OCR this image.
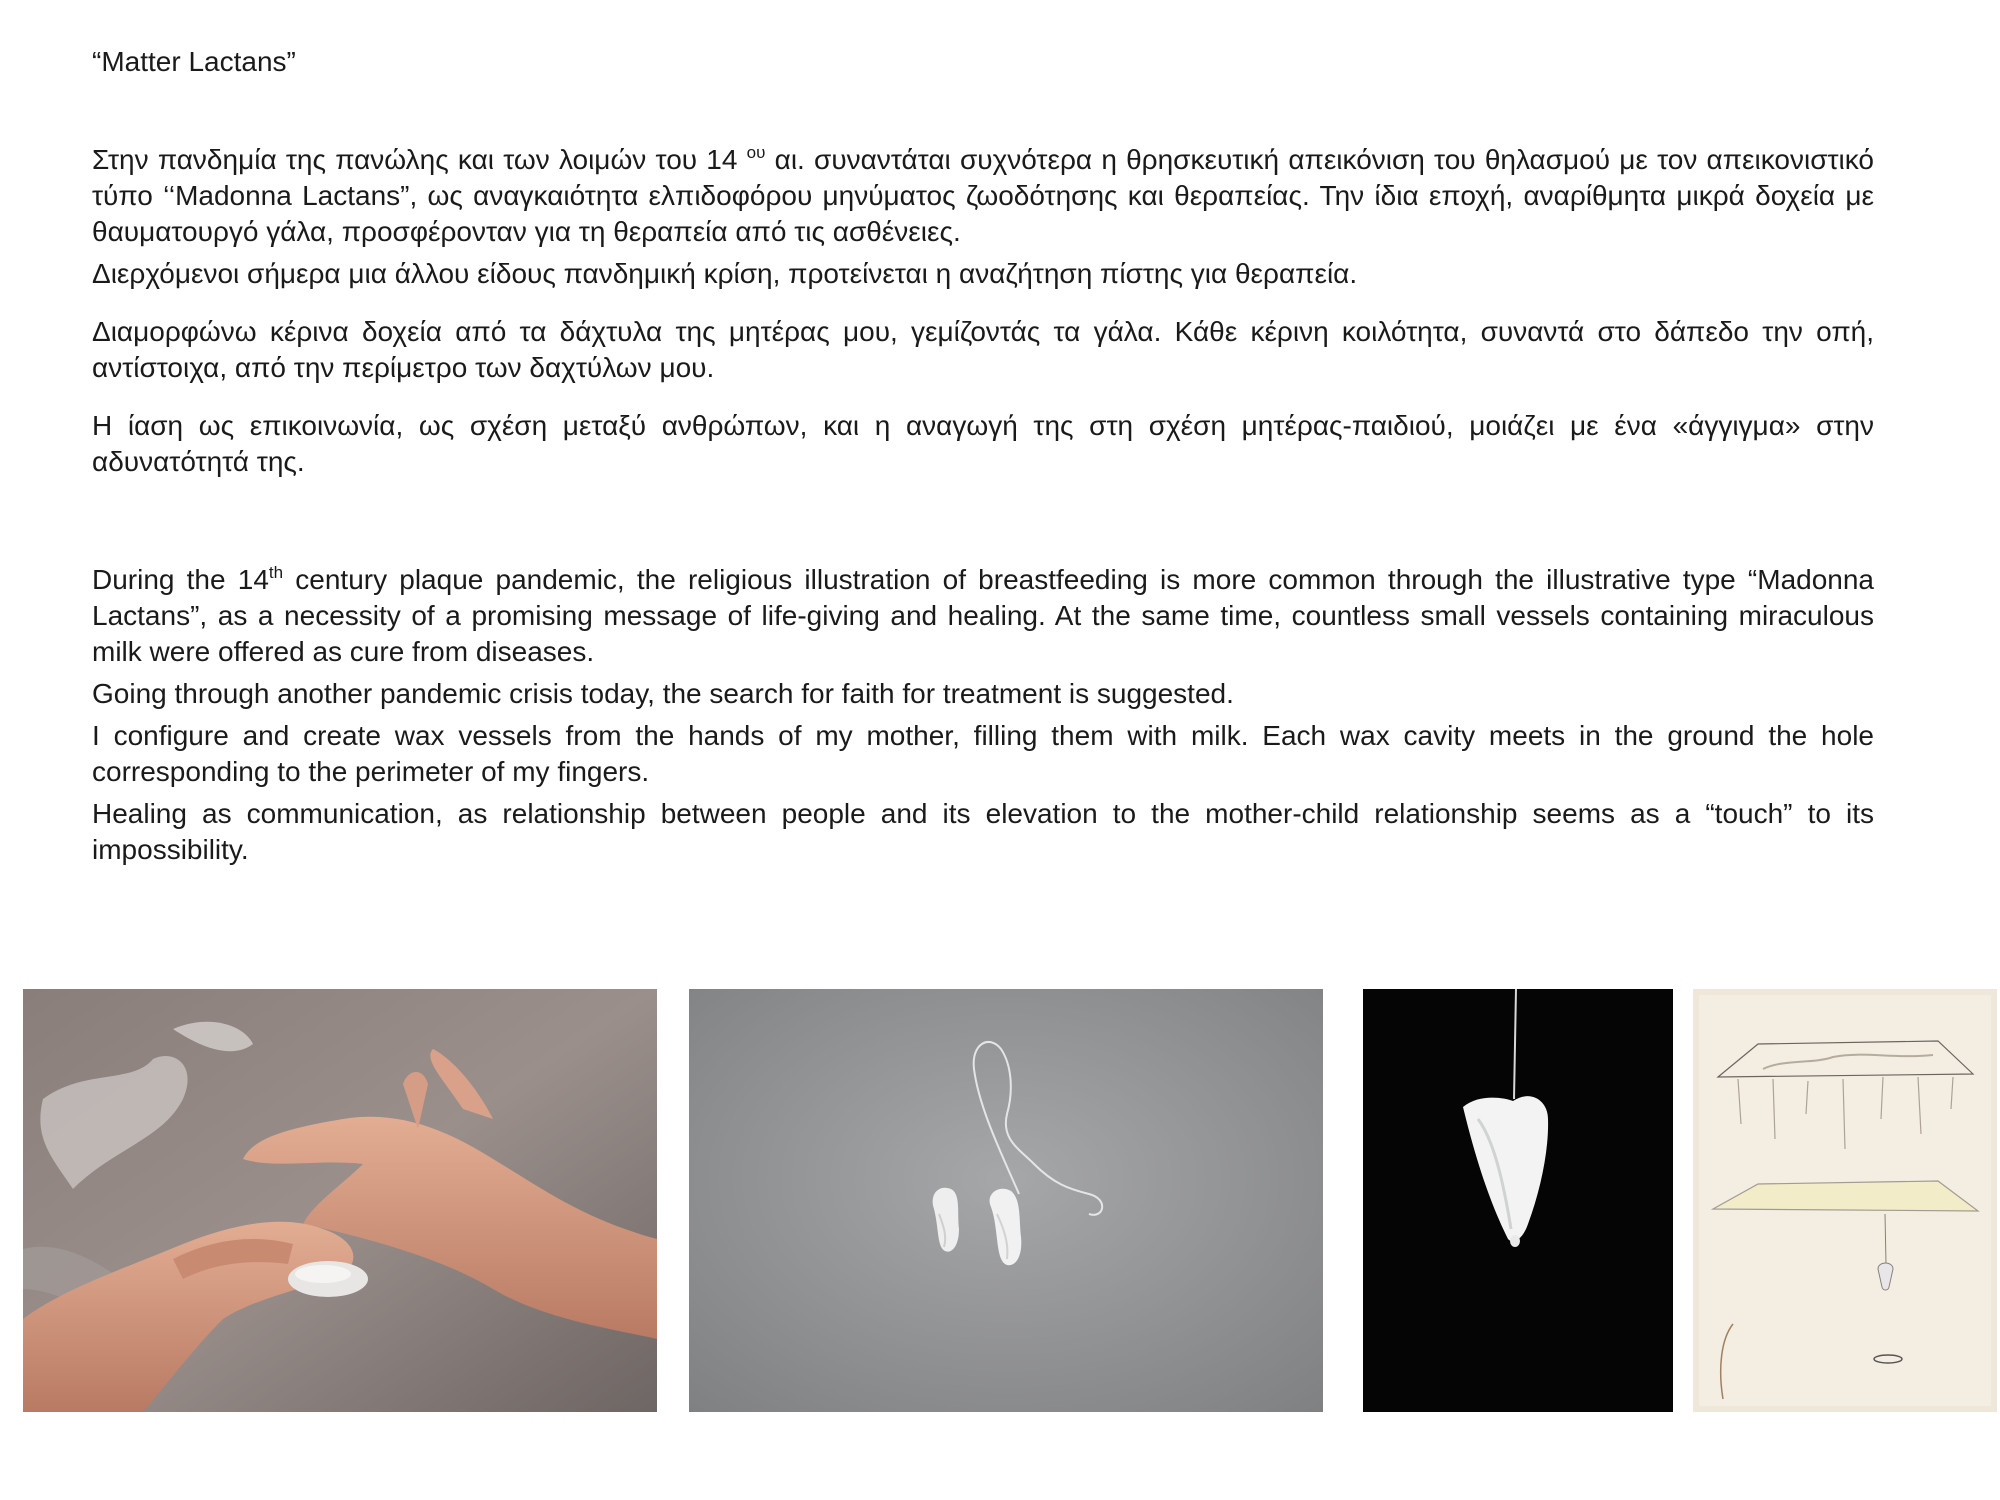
“Matter Lactans”

Στην πανδημία της πανώλης και των λοιμών του 14 $^{o\upsilon}$ αι. συναντάται συχνότερα η θρησκευτική απεικόνιση του θηλασμού με τον απεικονιστικό τύπο ‘‘Madonna Lactans”, ως αναγκαιότητα ελπιδοφόρου μηνύματος ζωοδότησης και θεραπείας. Την ίδια εποχή, αναρίθμητα μικρά δοχεία με θαυματουργό γάλα, προσφέρονταν για τη θεραπεία από τις ασθένειες.

Διερχόμενοι σήμερα μια άλλου είδους πανδημική κρίση, προτείνεται η αναζήτηση πίστης για θεραπεία.

Διαμορφώνω κέρινα δοχεία από τα δάχτυλα της μητέρας μου, γεμίζοντάς τα γάλα. Κάθε κέρινη κοιλότητα, συναντά στο δάπεδο την οπή, αντίστοιχα, από την περίμετρο των δαχτύλων μου.

Η ίαση ως επικοινωνία, ως σχέση μεταξύ ανθρώπων, και η αναγωγή της στη σχέση μητέρας-παιδιού, μοιάζει με ένα «άγγιγμα» στην αδυνατότητά της.

During the 14th century plaque pandemic, the religious illustration of breastfeeding is more common through the illustrative type “Madonna Lactans”, as a necessity of a promising message of life-giving and healing. At the same time, countless small vessels containing miraculous milk were offered as cure from diseases.

Going through another pandemic crisis today, the search for faith for treatment is suggested.

I configure and create wax vessels from the hands of my mother, filling them with milk. Each wax cavity meets in the ground the hole corresponding to the perimeter of my fingers.

Healing as communication, as relationship between people and its elevation to the mother-child relationship seems as a “touch” to its impossibility.
